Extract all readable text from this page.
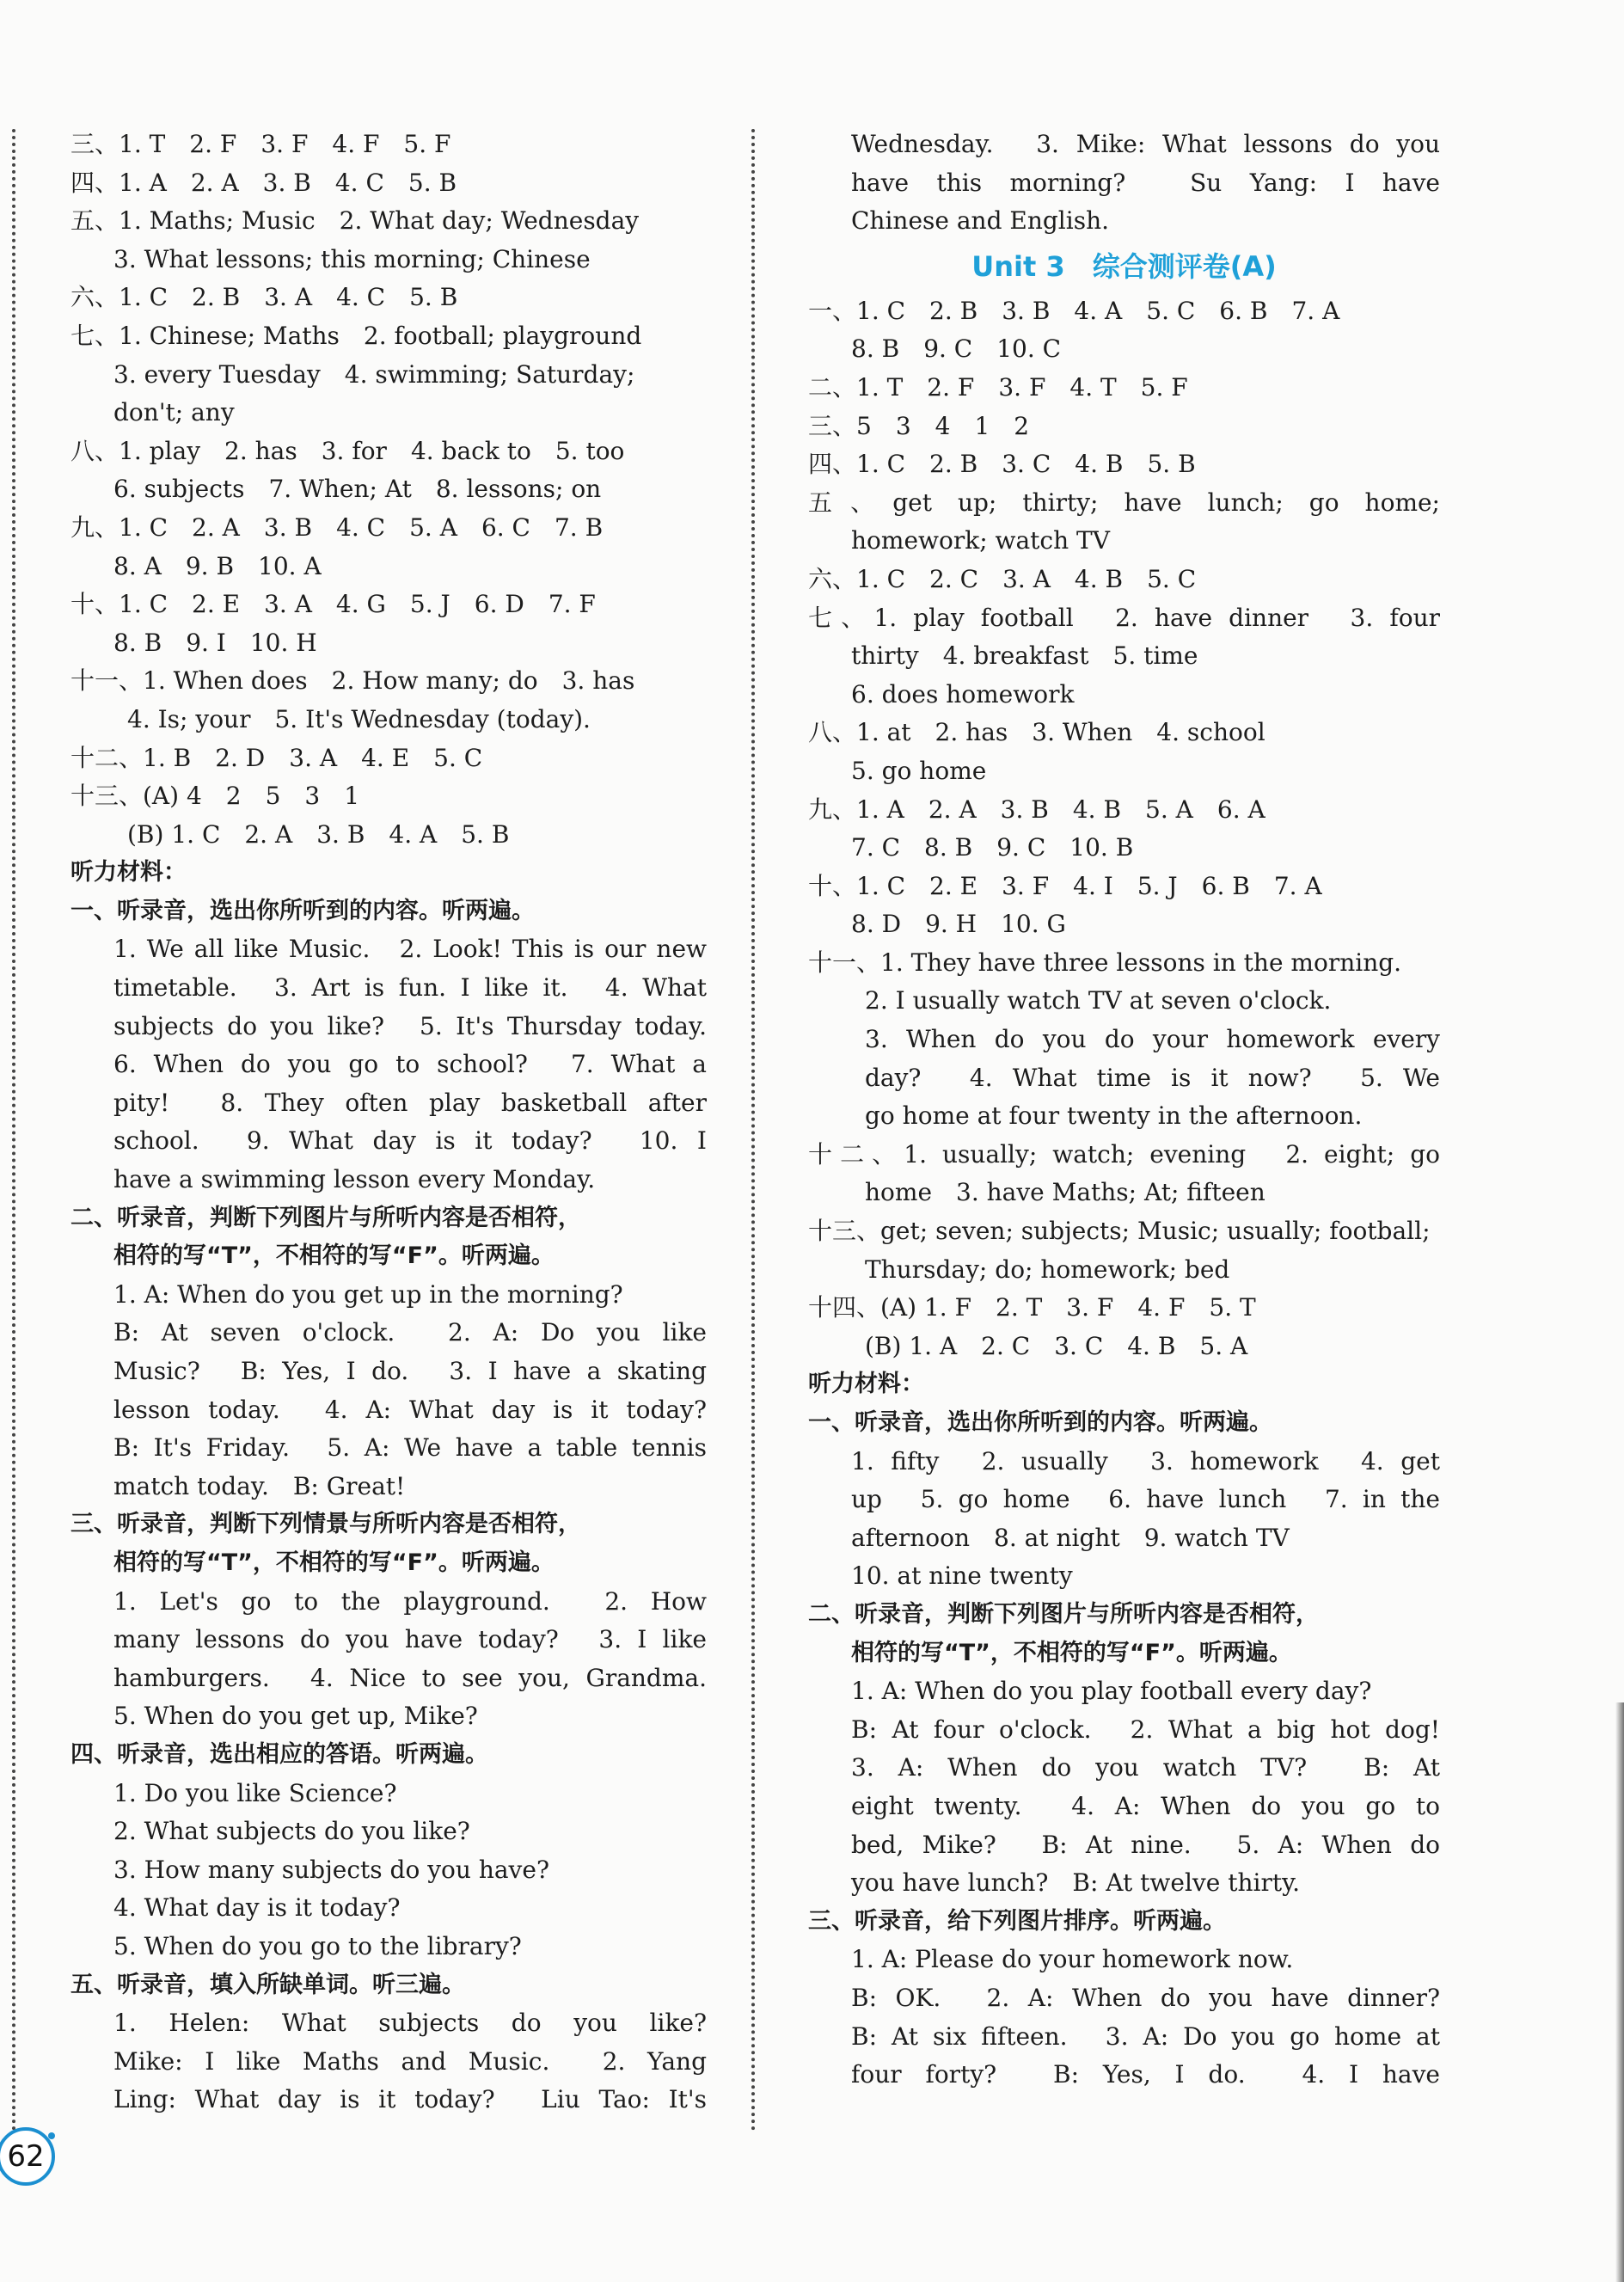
三、1. T　2. F　3. F　4. F　5. F
四、1. A　2. A　3. B　4. C　5. B
五、1. Maths; Music　2. What day; Wednesday
3. What lessons; this morning; Chinese
六、1. C　2. B　3. A　4. C　5. B
七、1. Chinese; Maths　2. football; playground
3. every Tuesday　4. swimming; Saturday;
don't; any
八、1. play　2. has　3. for　4. back to　5. too
6. subjects　7. When; At　8. lessons; on
九、1. C　2. A　3. B　4. C　5. A　6. C　7. B
8. A　9. B　10. A
十、1. C　2. E　3. A　4. G　5. J　6. D　7. F
8. B　9. I　10. H
十一、1. When does　2. How many; do　3. has
4. Is; your　5. It's Wednesday (today).
十二、1. B　2. D　3. A　4. E　5. C
十三、(A) 4　2　5　3　1
(B) 1. C　2. A　3. B　4. A　5. B
听力材料：
一、听录音，选出你所听到的内容。听两遍。
1. We all like Music.　2. Look! This is our new
timetable.　3. Art is fun. I like it.　4. What
subjects do you like?　5. It's Thursday today.
6. When do you go to school?　7. What a
pity!　8. They often play basketball after
school.　9. What day is it today?　10. I
have a swimming lesson every Monday.
二、听录音，判断下列图片与所听内容是否相符，
相符的写“T”，不相符的写“F”。听两遍。
1. A: When do you get up in the morning?
B: At seven o'clock.　2. A: Do you like
Music?　B: Yes, I do.　3. I have a skating
lesson today.　4. A: What day is it today?
B: It's Friday.　5. A: We have a table tennis
match today.　B: Great!
三、听录音，判断下列情景与所听内容是否相符，
相符的写“T”，不相符的写“F”。听两遍。
1. Let's go to the playground.　2. How
many lessons do you have today?　3. I like
hamburgers.　4. Nice to see you, Grandma.
5. When do you get up, Mike?
四、听录音，选出相应的答语。听两遍。
1. Do you like Science?
2. What subjects do you like?
3. How many subjects do you have?
4. What day is it today?
5. When do you go to the library?
五、听录音，填入所缺单词。听三遍。
1. Helen: What subjects do you like?
Mike: I like Maths and Music.　2. Yang
Ling: What day is it today?　Liu Tao: It's
Wednesday.　3. Mike: What lessons do you
have this morning?　Su Yang: I have
Chinese and English.
Unit 3　综合测评卷(A)
一、1. C　2. B　3. B　4. A　5. C　6. B　7. A
8. B　9. C　10. C
二、1. T　2. F　3. F　4. T　5. F
三、5　3　4　1　2
四、1. C　2. B　3. C　4. B　5. B
五、get up; thirty; have lunch; go home;
homework; watch TV
六、1. C　2. C　3. A　4. B　5. C
七、1. play football　2. have dinner　3. four
thirty　4. breakfast　5. time
6. does homework
八、1. at　2. has　3. When　4. school
5. go home
九、1. A　2. A　3. B　4. B　5. A　6. A
7. C　8. B　9. C　10. B
十、1. C　2. E　3. F　4. I　5. J　6. B　7. A
8. D　9. H　10. G
十一、1. They have three lessons in the morning.
2. I usually watch TV at seven o'clock.
3. When do you do your homework every
day?　4. What time is it now?　5. We
go home at four twenty in the afternoon.
十二、1. usually; watch; evening　2. eight; go
home　3. have Maths; At; fifteen
十三、get; seven; subjects; Music; usually; football;
Thursday; do; homework; bed
十四、(A) 1. F　2. T　3. F　4. F　5. T
(B) 1. A　2. C　3. C　4. B　5. A
听力材料：
一、听录音，选出你所听到的内容。听两遍。
1. fifty　2. usually　3. homework　4. get
up　5. go home　6. have lunch　7. in the
afternoon　8. at night　9. watch TV
10. at nine twenty
二、听录音，判断下列图片与所听内容是否相符，
相符的写“T”，不相符的写“F”。听两遍。
1. A: When do you play football every day?
B: At four o'clock.　2. What a big hot dog!
3. A: When do you watch TV?　B: At
eight twenty.　4. A: When do you go to
bed, Mike?　B: At nine.　5. A: When do
you have lunch?　B: At twelve thirty.
三、听录音，给下列图片排序。听两遍。
1. A: Please do your homework now.
B: OK.　2. A: When do you have dinner?
B: At six fifteen.　3. A: Do you go home at
four forty?　B: Yes, I do.　4. I have
62
